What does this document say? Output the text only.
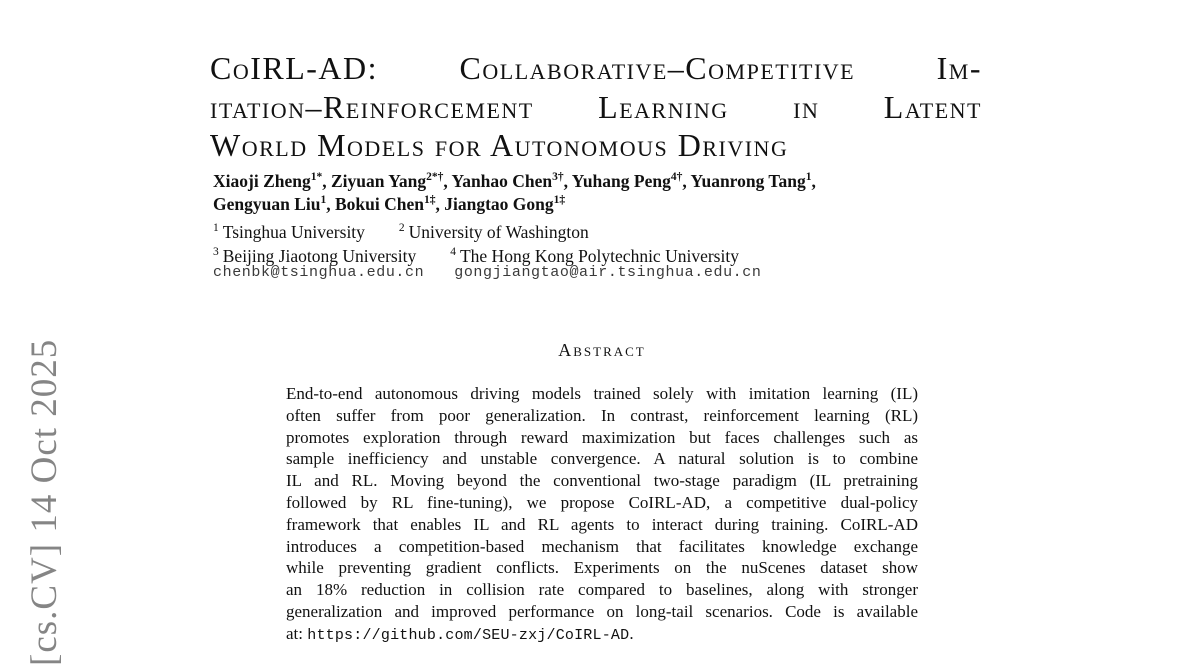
[cs.CV] 14 Oct 2025
CoIRL-AD:	Collaborative–Competitive	Im-
itation–Reinforcement Learning in Latent
World Models for Autonomous Driving
Xiaoji Zheng$^{1*}$, Ziyuan Yang$^{2*\dagger}$, Yanhao Chen$^{3\dagger}$, Yuhang Peng$^{4\dagger}$, Yuanrong Tang$^1$,
Gengyuan Liu$^1$, Bokui Chen$^{1\ddagger}$, Jiangtao Gong$^{1\ddagger}$
$^1$ Tsinghua University	$^2$ University of Washington
$^3$ Beijing Jiaotong University	$^4$ The Hong Kong Polytechnic University
chenbk@tsinghua.edu.cn gongjiangtao@air.tsinghua.edu.cn
Abstract
End-to-end autonomous driving models trained solely with imitation learning (IL)
often suffer from poor generalization. In contrast, reinforcement learning (RL)
promotes exploration through reward maximization but faces challenges such as
sample inefficiency and unstable convergence. A natural solution is to combine
IL and RL. Moving beyond the conventional two-stage paradigm (IL pretraining
followed by RL fine-tuning), we propose CoIRL-AD, a competitive dual-policy
framework that enables IL and RL agents to interact during training. CoIRL-AD
introduces a competition-based mechanism that facilitates knowledge exchange
while preventing gradient conflicts. Experiments on the nuScenes dataset show
an 18% reduction in collision rate compared to baselines, along with stronger
generalization and improved performance on long-tail scenarios. Code is available
at: https://github.com/SEU-zxj/CoIRL-AD.
